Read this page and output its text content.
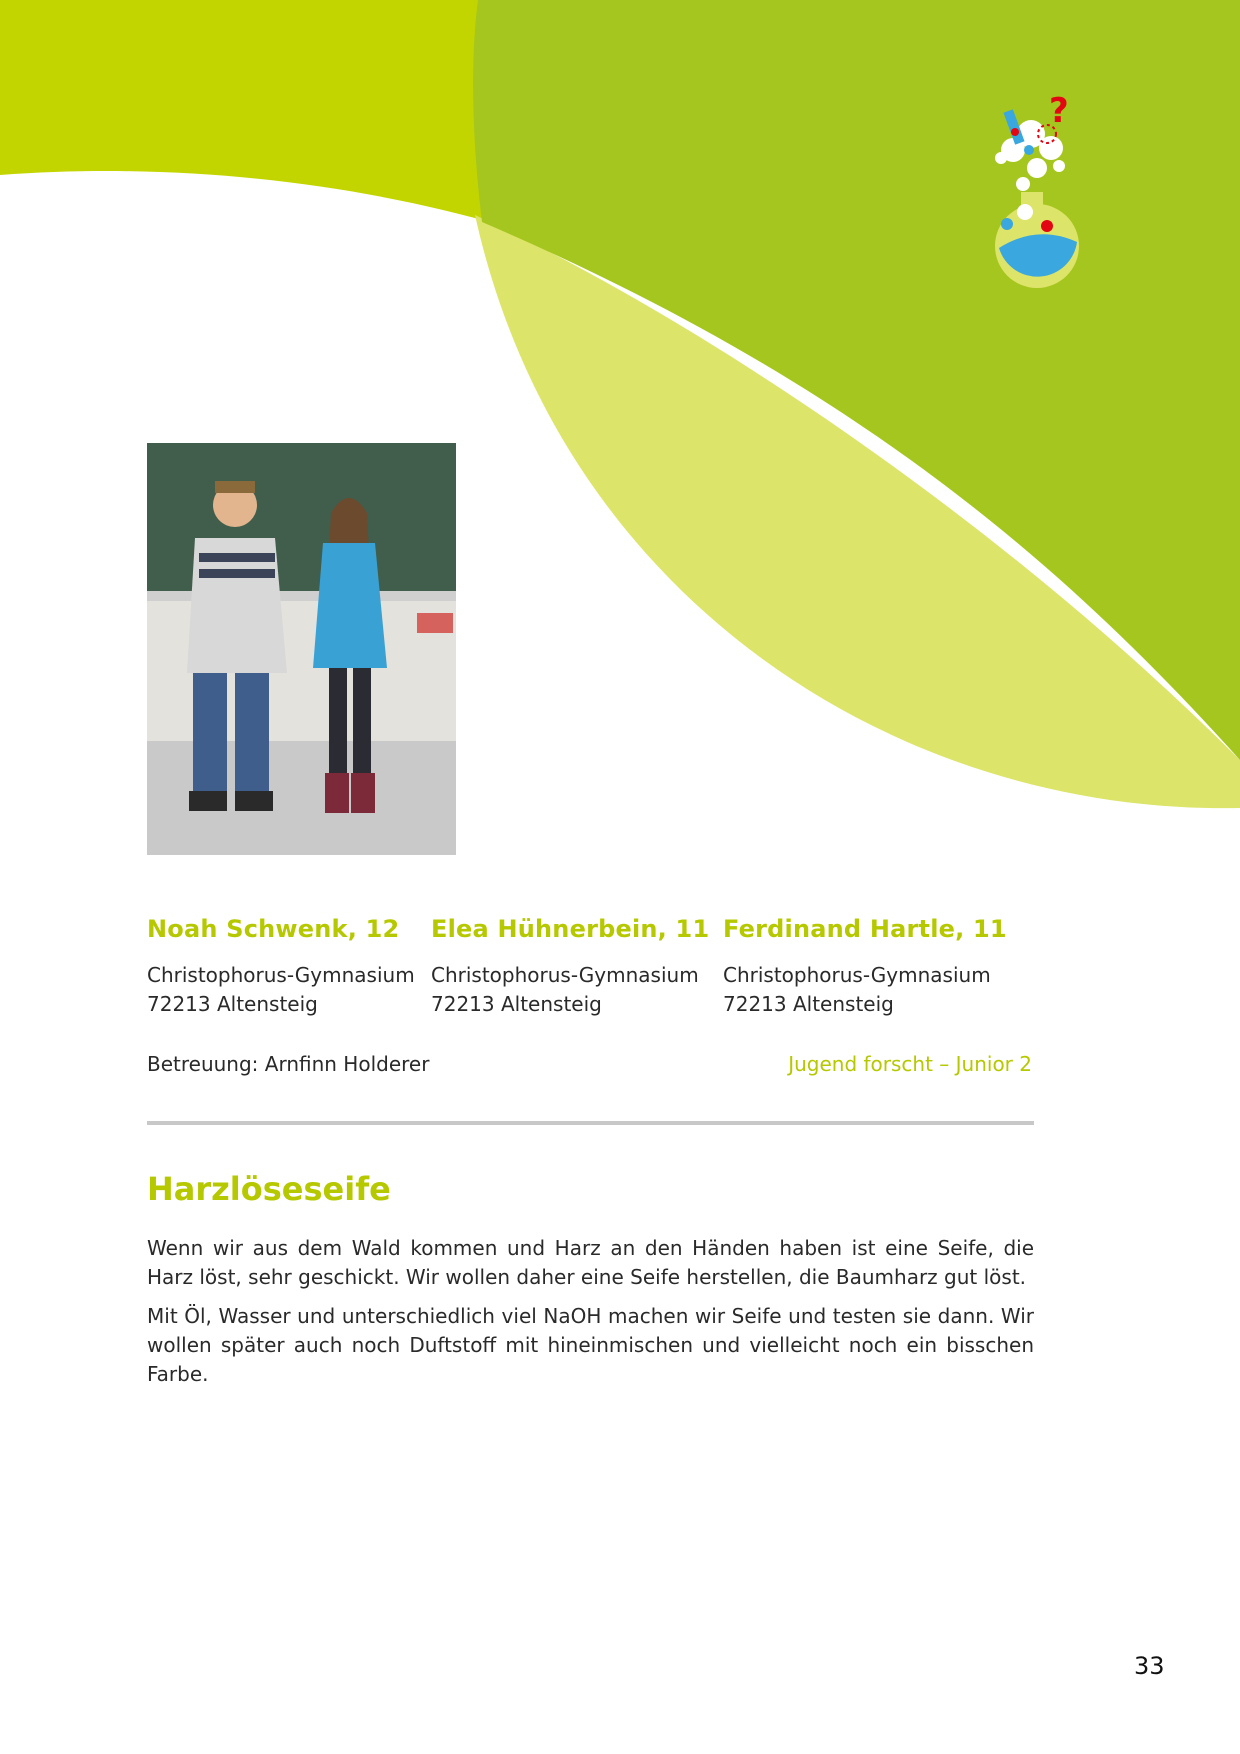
?
Noah Schwenk, 12
Christophorus-Gymnasium
72213 Altensteig
Elea Hühnerbein, 11
Christophorus-Gymnasium
72213 Altensteig
Ferdinand Hartle, 11
Christophorus-Gymnasium
72213 Altensteig
Betreuung: Arnfinn Holderer	Jugend forscht – Junior 2
Harzlöseseife

Wenn wir aus dem Wald kommen und Harz an den Händen haben ist eine Seife, die Harz löst, sehr geschickt. Wir wollen daher eine Seife herstellen, die Baumharz gut löst.

Mit Öl, Wasser und unterschiedlich viel NaOH machen wir Seife und testen sie dann. Wir wollen später auch noch Duftstoff mit hineinmischen und vielleicht noch ein bisschen Farbe.

33
